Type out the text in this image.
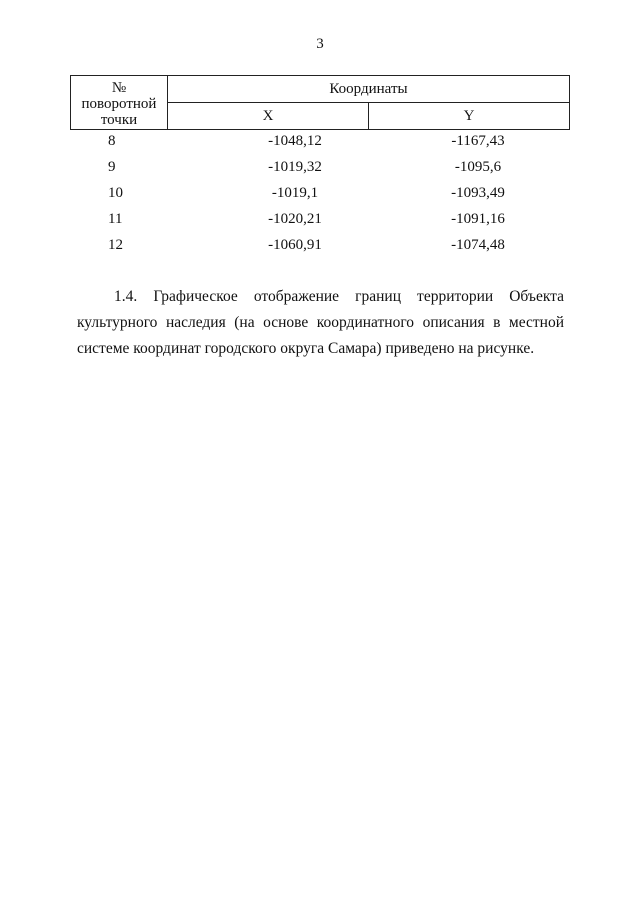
3
№
поворотной
точки	Координаты	
	X	Y
8	-1048,12	-1167,43
9	-1019,32	-1095,6
10	-1019,1	-1093,49
11	-1020,21	-1091,16
12	-1060,91	-1074,48

1.4. Графическое отображение границ территории Объекта культурного наследия (на основе координатного описания в местной системе координат городского округа Самара) приведено на рисунке.
